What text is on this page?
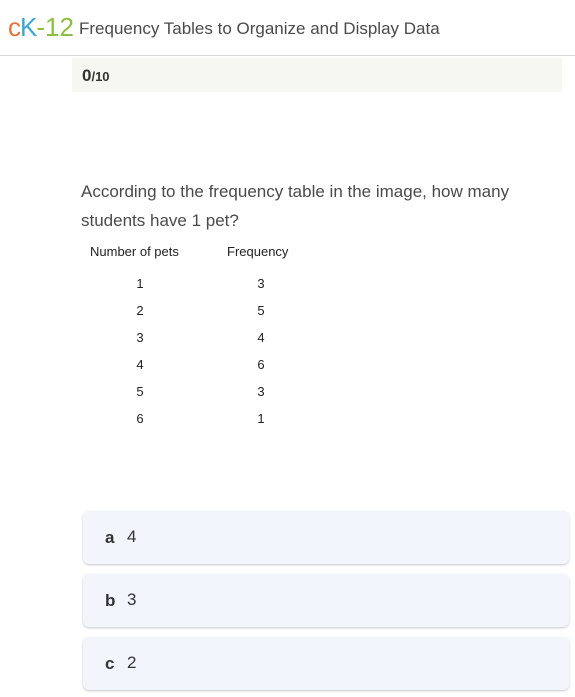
cK-12 Frequency Tables to Organize and Display Data
0/10
According to the frequency table in the image, how many students have 1 pet?
Number of pets	Frequency
1	3
2	5
3	4
4	6
5	3
6	1
a 4
b 3
c 2
